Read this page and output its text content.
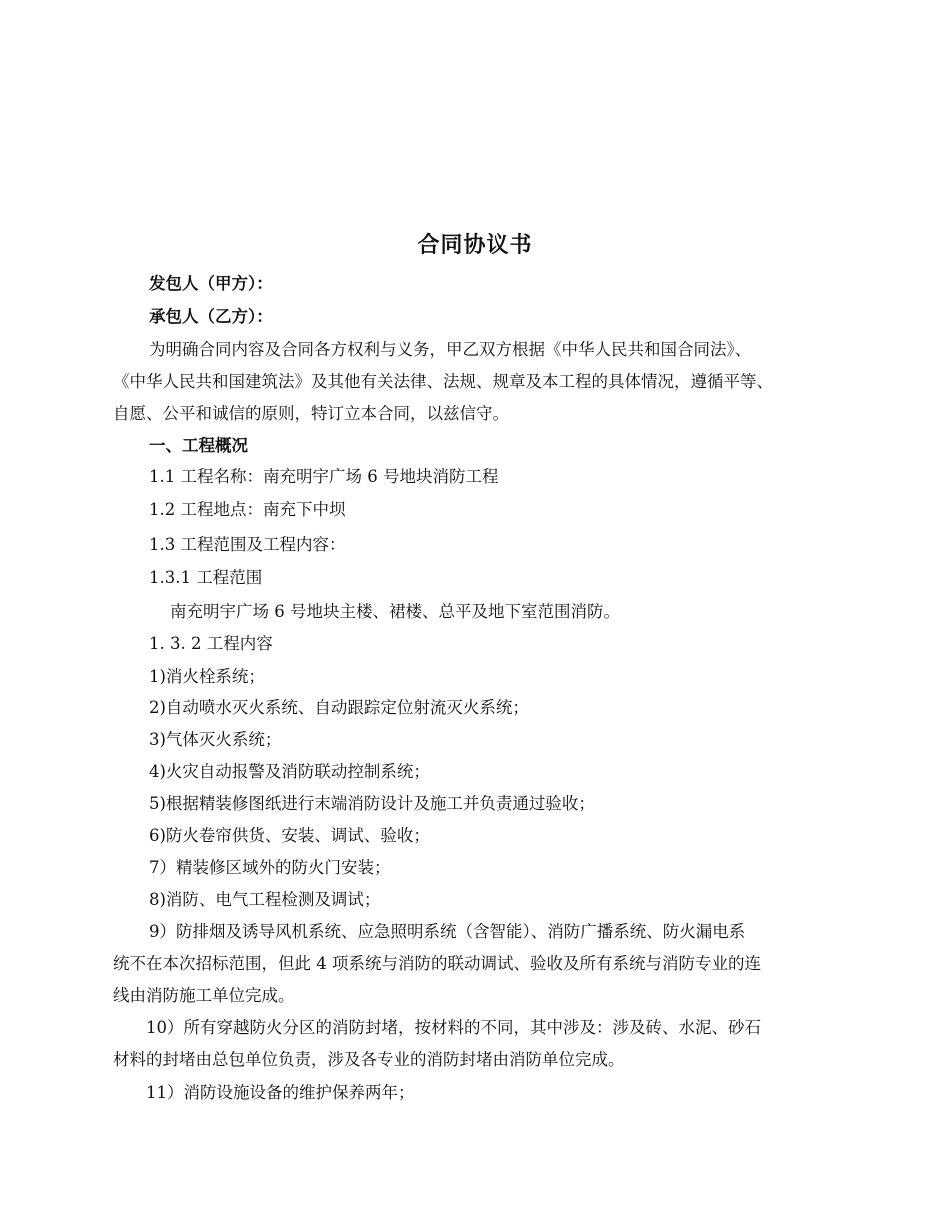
合同协议书
发包人（甲方）：
承包人（乙方）：
为明确合同内容及合同各方权利与义务，甲乙双方根据《中华人民共和国合同法》、
《中华人民共和国建筑法》及其他有关法律、法规、规章及本工程的具体情况，遵循平等、
自愿、公平和诚信的原则，特订立本合同，以兹信守。
一、工程概况
1.1 工程名称：南充明宇广场 6 号地块消防工程
1.2 工程地点：南充下中坝
1.3 工程范围及工程内容：
1.3.1 工程范围
南充明宇广场 6 号地块主楼、裙楼、总平及地下室范围消防。
1. 3. 2 工程内容
1)消火栓系统；
2)自动喷水灭火系统、自动跟踪定位射流灭火系统；
3)气体灭火系统；
4)火灾自动报警及消防联动控制系统；
5)根据精装修图纸进行末端消防设计及施工并负责通过验收；
6)防火卷帘供货、安装、调试、验收；
7）精装修区域外的防火门安装；
8)消防、电气工程检测及调试；
9）防排烟及诱导风机系统、应急照明系统（含智能）、消防广播系统、防火漏电系
统不在本次招标范围，但此 4 项系统与消防的联动调试、验收及所有系统与消防专业的连
线由消防施工单位完成。
10）所有穿越防火分区的消防封堵，按材料的不同，其中涉及：涉及砖、水泥、砂石
材料的封堵由总包单位负责，涉及各专业的消防封堵由消防单位完成。
11）消防设施设备的维护保养两年；
